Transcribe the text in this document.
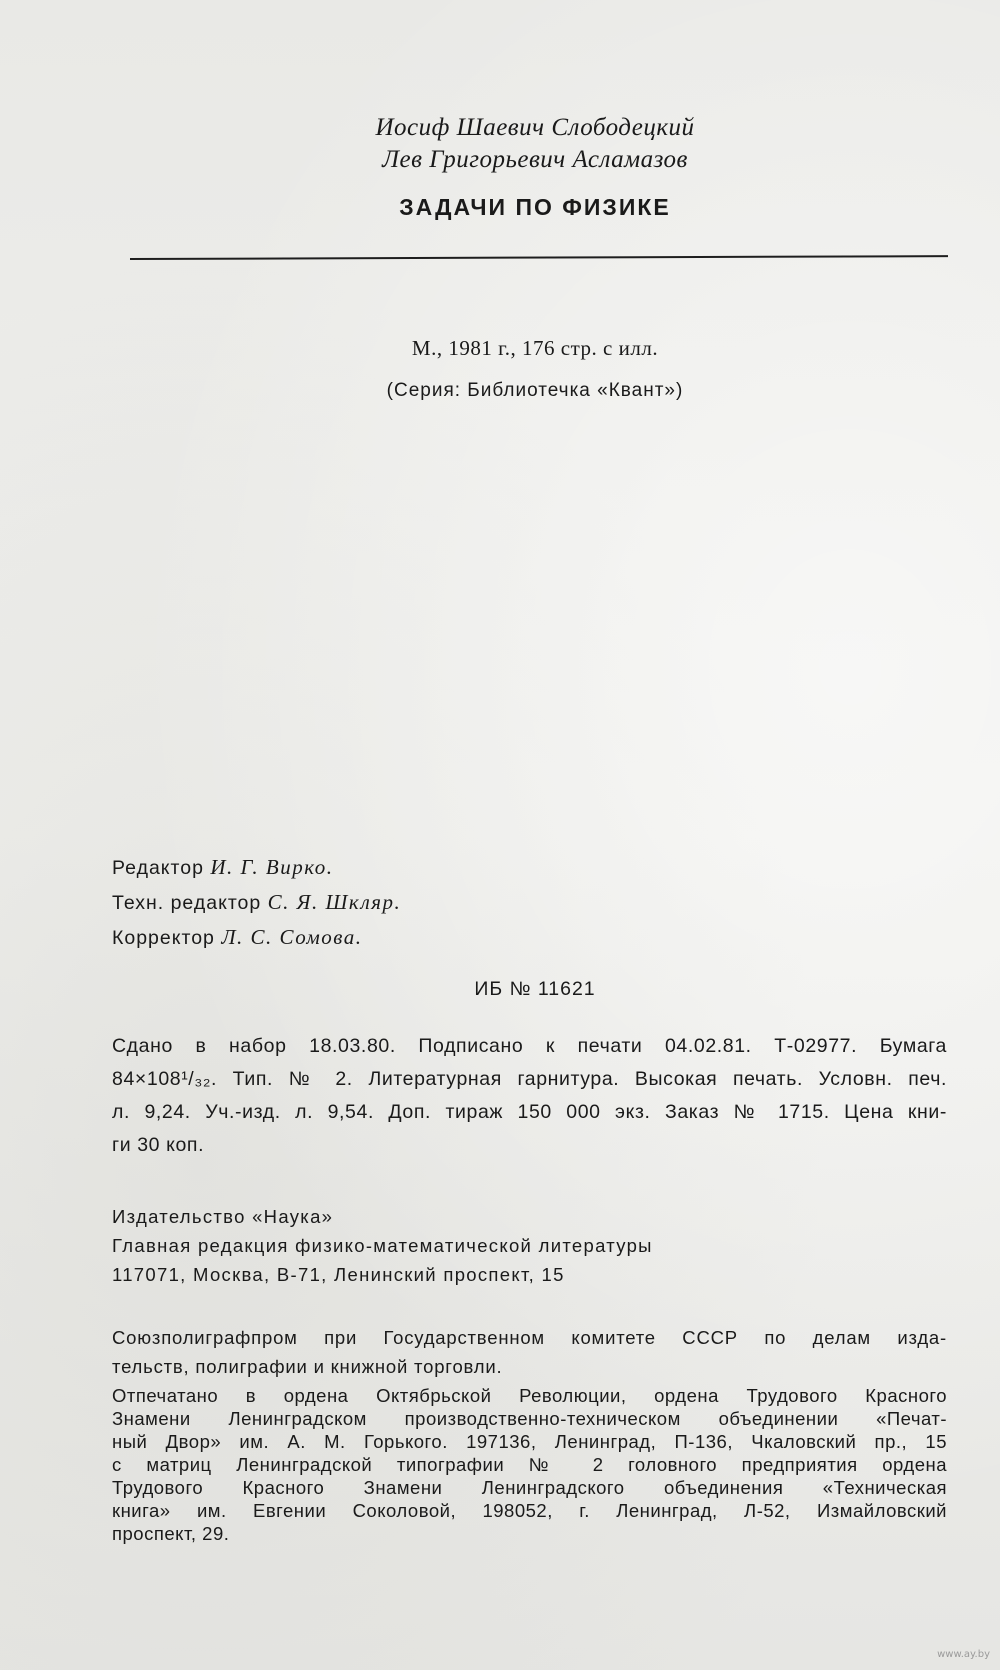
Иосиф Шаевич Слободецкий
Лев Григорьевич Асламазов
ЗАДАЧИ ПО ФИЗИКЕ
М., 1981 г., 176 стр. с илл.
(Серия: Библиотечка «Квант»)
Редактор И. Г. Вирко.
Техн. редактор С. Я. Шкляр.
Корректор Л. С. Сомова.
ИБ № 11621
Сдано в набор 18.03.80. Подписано к печати 04.02.81. Т-02977. Бумага
84×108¹/₃₂. Тип. № 2. Литературная гарнитура. Высокая печать. Условн. печ.
л. 9,24. Уч.-изд. л. 9,54. Доп. тираж 150 000 экз. Заказ № 1715. Цена кни-
ги 30 коп.
Издательство «Наука»
Главная редакция физико-математической литературы
117071, Москва, В-71, Ленинский проспект, 15
Союзполиграфпром при Государственном комитете СССР по делам изда-
тельств, полиграфии и книжной торговли.
Отпечатано в ордена Октябрьской Революции, ордена Трудового Красного
Знамени Ленинградском производственно-техническом объединении «Печат-
ный Двор» им. А. М. Горького. 197136, Ленинград, П-136, Чкаловский пр., 15
с матриц Ленинградской типографии № 2 головного предприятия ордена
Трудового Красного Знамени Ленинградского объединения «Техническая
книга» им. Евгении Соколовой, 198052, г. Ленинград, Л-52, Измайловский
проспект, 29.
www.ay.by
